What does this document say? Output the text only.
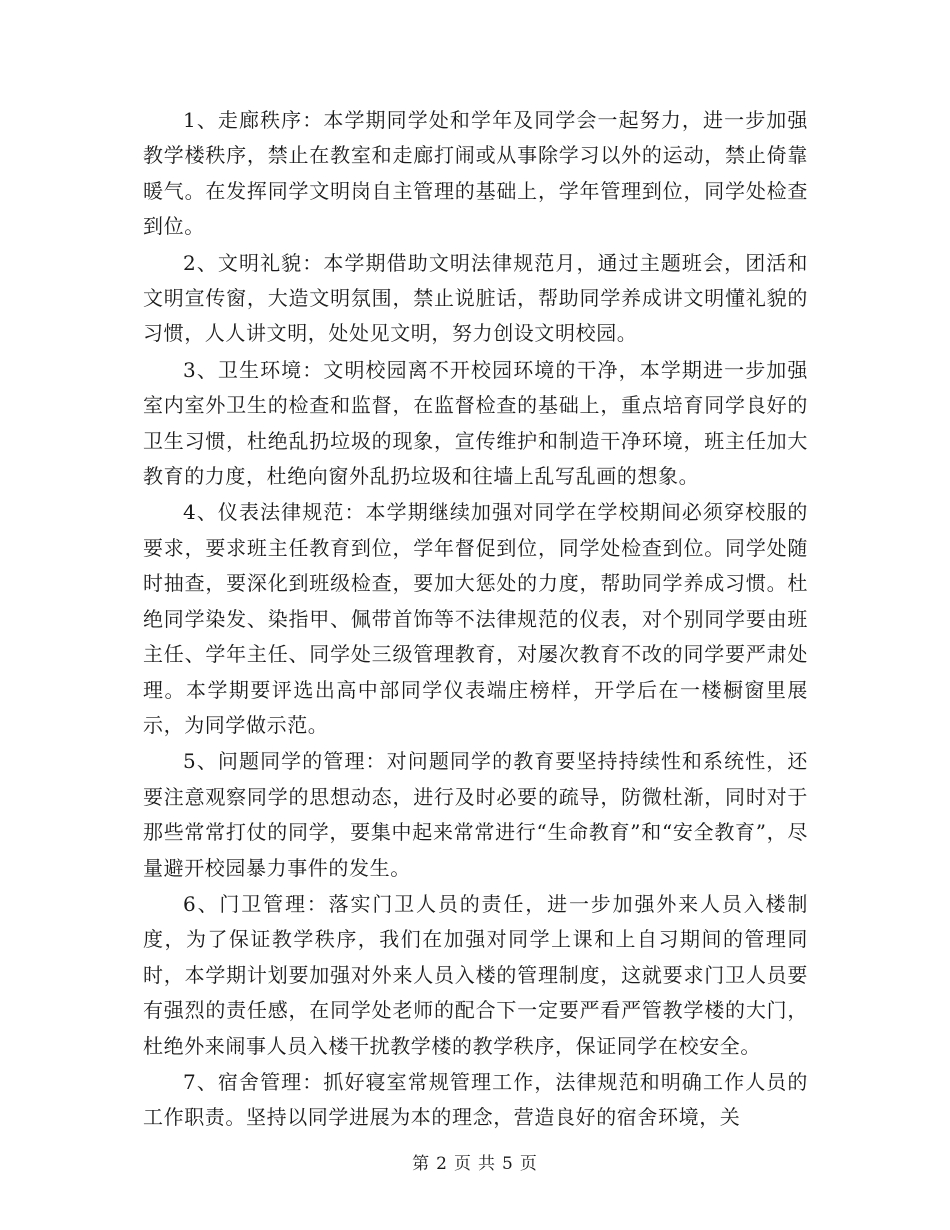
1、走廊秩序：本学期同学处和学年及同学会一起努力，进一步加强教学楼秩序，禁止在教室和走廊打闹或从事除学习以外的运动，禁止倚靠暖气。在发挥同学文明岗自主管理的基础上，学年管理到位，同学处检查到位。

2、文明礼貌：本学期借助文明法律规范月，通过主题班会，团活和文明宣传窗，大造文明氛围，禁止说脏话，帮助同学养成讲文明懂礼貌的习惯，人人讲文明，处处见文明，努力创设文明校园。

3、卫生环境：文明校园离不开校园环境的干净，本学期进一步加强室内室外卫生的检查和监督，在监督检查的基础上，重点培育同学良好的卫生习惯，杜绝乱扔垃圾的现象，宣传维护和制造干净环境，班主任加大教育的力度，杜绝向窗外乱扔垃圾和往墙上乱写乱画的想象。

4、仪表法律规范：本学期继续加强对同学在学校期间必须穿校服的要求，要求班主任教育到位，学年督促到位，同学处检查到位。同学处随时抽查，要深化到班级检查，要加大惩处的力度，帮助同学养成习惯。杜绝同学染发、染指甲、佩带首饰等不法律规范的仪表，对个别同学要由班主任、学年主任、同学处三级管理教育，对屡次教育不改的同学要严肃处理。本学期要评选出高中部同学仪表端庄榜样，开学后在一楼橱窗里展示，为同学做示范。

5、问题同学的管理：对问题同学的教育要坚持持续性和系统性，还要注意观察同学的思想动态，进行及时必要的疏导，防微杜渐，同时对于那些常常打仗的同学，要集中起来常常进行“生命教育”和“安全教育”，尽量避开校园暴力事件的发生。

6、门卫管理：落实门卫人员的责任，进一步加强外来人员入楼制度，为了保证教学秩序，我们在加强对同学上课和上自习期间的管理同时，本学期计划要加强对外来人员入楼的管理制度，这就要求门卫人员要有强烈的责任感，在同学处老师的配合下一定要严看严管教学楼的大门，杜绝外来闹事人员入楼干扰教学楼的教学秩序，保证同学在校安全。

7、宿舍管理：抓好寝室常规管理工作，法律规范和明确工作人员的工作职责。坚持以同学进展为本的理念，营造良好的宿舍环境，关

第 2 页 共 5 页
